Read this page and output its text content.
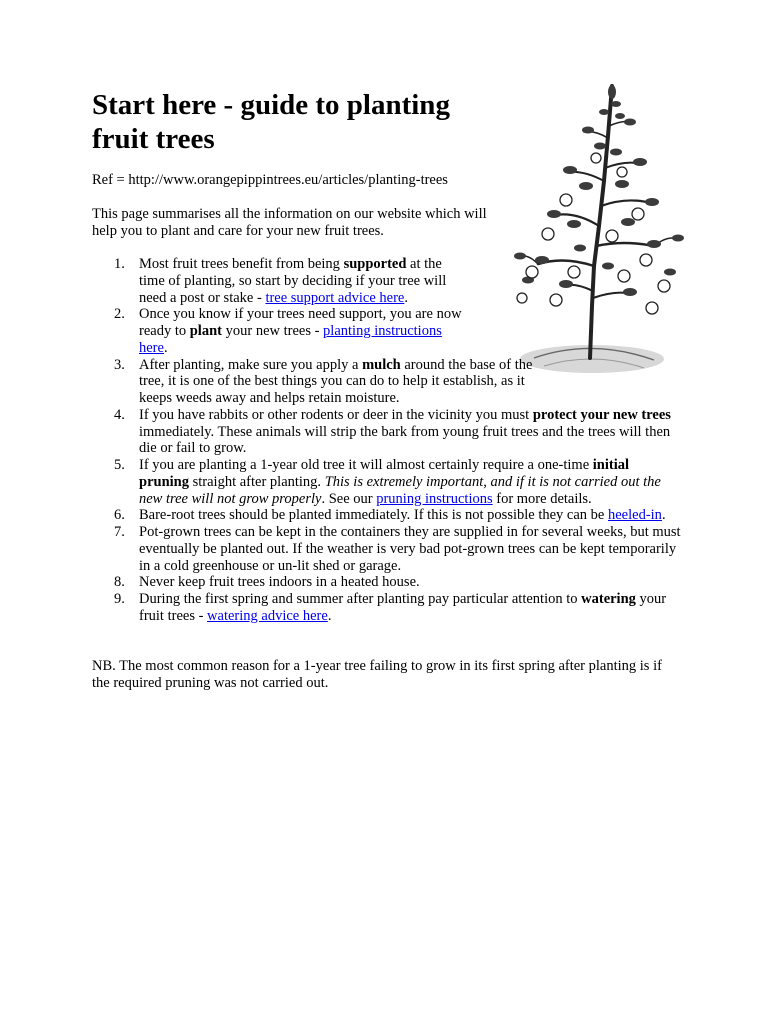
Start here - guide to planting fruit trees

Ref = http://www.orangepippintrees.eu/articles/planting-trees

This page summarises all the information on our website which will help you to plant and care for your new fruit trees.

1. Most fruit trees benefit from being supported at the time of planting, so start by deciding if your tree will need a post or stake - tree support advice here.
2. Once you know if your trees need support, you are now ready to plant your new trees - planting instructions here.
3. After planting, make sure you apply a mulch around the base of the tree, it is one of the best things you can do to help it establish, as it keeps weeds away and helps retain moisture.
4. If you have rabbits or other rodents or deer in the vicinity you must protect your new trees immediately. These animals will strip the bark from young fruit trees and the trees will then die or fail to grow.
5. If you are planting a 1-year old tree it will almost certainly require a one-time initial pruning straight after planting. This is extremely important, and if it is not carried out the new tree will not grow properly. See our pruning instructions for more details.
6. Bare-root trees should be planted immediately. If this is not possible they can be heeled-in.
7. Pot-grown trees can be kept in the containers they are supplied in for several weeks, but must eventually be planted out. If the weather is very bad pot-grown trees can be kept temporarily in a cold greenhouse or un-lit shed or garage.
8. Never keep fruit trees indoors in a heated house.
9. During the first spring and summer after planting pay particular attention to watering your fruit trees - watering advice here.

NB. The most common reason for a 1-year tree failing to grow in its first spring after planting is if the required pruning was not carried out.
